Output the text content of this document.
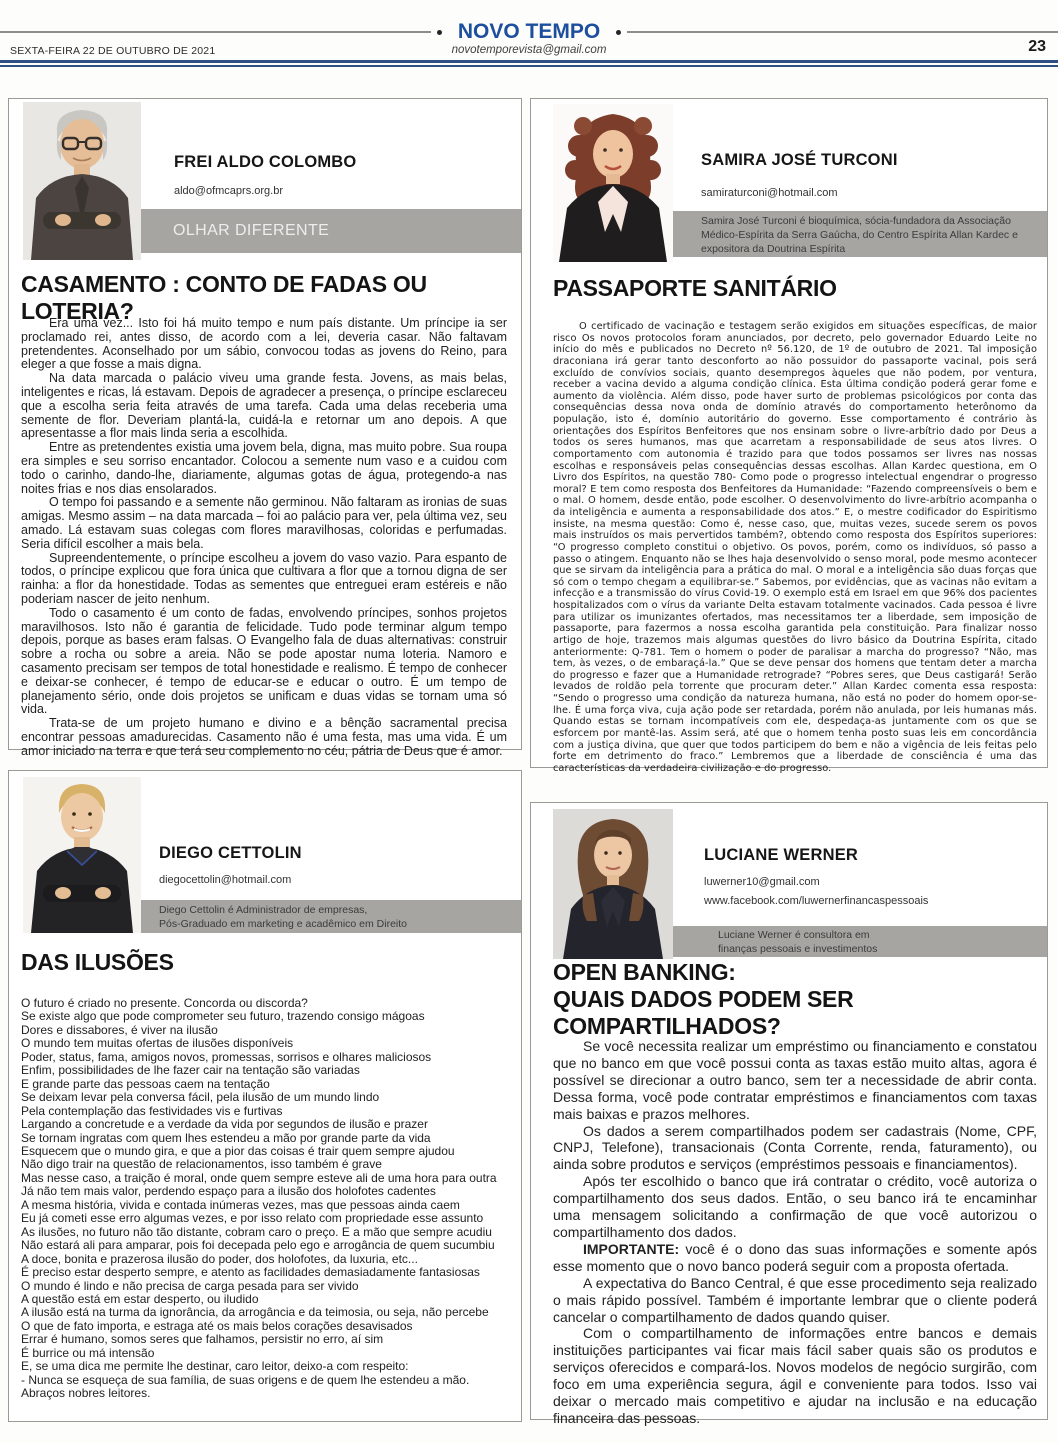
SEXTA-FEIRA 22 DE OUTUBRO DE 2021
NOVO TEMPO
novotemporevista@gmail.com	23
OLHAR DIFERENTE
FREI ALDO COLOMBO
aldo@ofmcaprs.org.br
CASAMENTO : CONTO DE FADAS OU LOTERIA?

Era uma vez... Isto foi há muito tempo e num país distante. Um príncipe ia ser proclamado rei, antes disso, de acordo com a lei, deveria casar. Não faltavam pretendentes. Aconselhado por um sábio, convocou todas as jovens do Reino, para eleger a que fosse a mais digna.

Na data marcada o palácio viveu uma grande festa. Jovens, as mais belas, inteligentes e ricas, lá estavam. Depois de agradecer a presença, o príncipe esclareceu que a escolha seria feita através de uma tarefa. Cada uma delas receberia uma semente de flor. Deveriam plantá-la, cuidá-la e retornar um ano depois. A que apresentasse a flor mais linda seria a escolhida.

Entre as pretendentes existia uma jovem bela, digna, mas muito pobre. Sua roupa era simples e seu sorriso encantador. Colocou a semente num vaso e a cuidou com todo o carinho, dando-lhe, diariamente, algumas gotas de água, protegendo-a nas noites frias e nos dias ensolarados.

O tempo foi passando e a semente não germinou. Não faltaram as ironias de suas amigas. Mesmo assim – na data marcada – foi ao palácio para ver, pela última vez, seu amado. Lá estavam suas colegas com flores maravilhosas, coloridas e perfumadas. Seria difícil escolher a mais bela.

Supreendentemente, o príncipe escolheu a jovem do vaso vazio. Para espanto de todos, o príncipe explicou que fora única que cultivara a flor que a tornou digna de ser rainha: a flor da honestidade. Todas as sementes que entreguei eram estéreis e não poderiam nascer de jeito nenhum.

Todo o casamento é um conto de fadas, envolvendo príncipes, sonhos projetos maravilhosos. Isto não é garantia de felicidade. Tudo pode terminar algum tempo depois, porque as bases eram falsas. O Evangelho fala de duas alternativas: construir sobre a rocha ou sobre a areia. Não se pode apostar numa loteria. Namoro e casamento precisam ser tempos de total honestidade e realismo. É tempo de conhecer e deixar-se conhecer, é tempo de educar-se e educar o outro. É um tempo de planejamento sério, onde dois projetos se unificam e duas vidas se tornam uma só vida.

Trata-se de um projeto humano e divino e a bênção sacramental precisa encontrar pessoas amadurecidas. Casamento não é uma festa, mas uma vida. É um amor iniciado na terra e que terá seu complemento no céu, pátria de Deus que é amor.

Samira José Turconi é bioquímica, sócia-fundadora da Associação
Médico-Espírita da Serra Gaúcha, do Centro Espírita Allan Kardec e
expositora da Doutrina Espírita
SAMIRA JOSÉ TURCONI
samiraturconi@hotmail.com
PASSAPORTE SANITÁRIO

O certificado de vacinação e testagem serão exigidos em situações específicas, de maior risco Os novos protocolos foram anunciados, por decreto, pelo governador Eduardo Leite no início do mês e publicados no Decreto nº 56.120, de 1º de outubro de 2021. Tal imposição draconiana irá gerar tanto desconforto ao não possuidor do passaporte vacinal, pois será excluído de convívios sociais, quanto desempregos àqueles que não podem, por ventura, receber a vacina devido a alguma condição clínica. Esta última condição poderá gerar fome e aumento da violência. Além disso, pode haver surto de problemas psicológicos por conta das consequências dessa nova onda de domínio através do comportamento heterônomo da população, isto é, domínio autoritário do governo. Esse comportamento é contrário às orientações dos Espíritos Benfeitores que nos ensinam sobre o livre-arbítrio dado por Deus a todos os seres humanos, mas que acarretam a responsabilidade de seus atos livres. O comportamento com autonomia é trazido para que todos possamos ser livres nas nossas escolhas e responsáveis pelas consequências dessas escolhas. Allan Kardec questiona, em O Livro dos Espíritos, na questão 780- Como pode o progresso intelectual engendrar o progresso moral? E tem como resposta dos Benfeitores da Humanidade: “Fazendo compreensíveis o bem e o mal. O homem, desde então, pode escolher. O desenvolvimento do livre-arbítrio acompanha o da inteligência e aumenta a responsabilidade dos atos.” E, o mestre codificador do Espiritismo insiste, na mesma questão: Como é, nesse caso, que, muitas vezes, sucede serem os povos mais instruídos os mais pervertidos também?, obtendo como resposta dos Espíritos superiores: “O progresso completo constitui o objetivo. Os povos, porém, como os indivíduos, só passo a passo o atingem. Enquanto não se lhes haja desenvolvido o senso moral, pode mesmo acontecer que se sirvam da inteligência para a prática do mal. O moral e a inteligência são duas forças que só com o tempo chegam a equilibrar-se.” Sabemos, por evidências, que as vacinas não evitam a infecção e a transmissão do vírus Covid-19. O exemplo está em Israel em que 96% dos pacientes hospitalizados com o vírus da variante Delta estavam totalmente vacinados. Cada pessoa é livre para utilizar os imunizantes ofertados, mas necessitamos ter a liberdade, sem imposição de passaporte, para fazermos a nossa escolha garantida pela constituição. Para finalizar nosso artigo de hoje, trazemos mais algumas questões do livro básico da Doutrina Espírita, citado anteriormente: Q-781. Tem o homem o poder de paralisar a marcha do progresso? “Não, mas tem, às vezes, o de embaraçá-la.” Que se deve pensar dos homens que tentam deter a marcha do progresso e fazer que a Humanidade retrograde? “Pobres seres, que Deus castigará! Serão levados de roldão pela torrente que procuram deter.” Allan Kardec comenta essa resposta: “Sendo o progresso uma condição da natureza humana, não está no poder do homem opor-se-lhe. É uma força viva, cuja ação pode ser retardada, porém não anulada, por leis humanas más. Quando estas se tornam incompatíveis com ele, despedaça-as juntamente com os que se esforcem por mantê-las. Assim será, até que o homem tenha posto suas leis em concordância com a justiça divina, que quer que todos participem do bem e não a vigência de leis feitas pelo forte em detrimento do fraco.” Lembremos que a liberdade de consciência é uma das características da verdadeira civilização e do progresso.

Diego Cettolin é Administrador de empresas,
Pós-Graduado em marketing e acadêmico em Direito
DIEGO CETTOLIN
diegocettolin@hotmail.com
DAS ILUSÕES
O futuro é criado no presente. Concorda ou discorda?
Se existe algo que pode comprometer seu futuro, trazendo consigo mágoas
Dores e dissabores, é viver na ilusão
O mundo tem muitas ofertas de ilusões disponíveis
Poder, status, fama, amigos novos, promessas, sorrisos e olhares maliciosos
Enfim, possibilidades de lhe fazer cair na tentação são variadas
E grande parte das pessoas caem na tentação
Se deixam levar pela conversa fácil, pela ilusão de um mundo lindo
Pela contemplação das festividades vis e furtivas
Largando a concretude e a verdade da vida por segundos de ilusão e prazer
Se tornam ingratas com quem lhes estendeu a mão por grande parte da vida
Esquecem que o mundo gira, e que a pior das coisas é trair quem sempre ajudou
Não digo trair na questão de relacionamentos, isso também é grave
Mas nesse caso, a traição é moral, onde quem sempre esteve ali de uma hora para outra
Já não tem mais valor, perdendo espaço para a ilusão dos holofotes cadentes
A mesma história, vivida e contada inúmeras vezes, mas que pessoas ainda caem
Eu já cometi esse erro algumas vezes, e por isso relato com propriedade esse assunto
As ilusões, no futuro não tão distante, cobram caro o preço. E a mão que sempre acudiu
Não estará ali para amparar, pois foi decepada pelo ego e arrogância de quem sucumbiu
A doce, bonita e prazerosa ilusão do poder, dos holofotes, da luxuria, etc...
É preciso estar desperto sempre, e atento as facilidades demasiadamente fantasiosas
O mundo é lindo e não precisa de carga pesada para ser vivido
A questão está em estar desperto, ou iludido
A ilusão está na turma da ignorância, da arrogância e da teimosia, ou seja, não percebe
O que de fato importa, e estraga até os mais belos corações desavisados
Errar é humano, somos seres que falhamos, persistir no erro, aí sim
É burrice ou má intensão
E, se uma dica me permite lhe destinar, caro leitor, deixo-a com respeito:
- Nunca se esqueça de sua família, de suas origens e de quem lhe estendeu a mão.
Abraços nobres leitores.
Luciane Werner é consultora em
finanças pessoais e investimentos
LUCIANE WERNER
luwerner10@gmail.com
www.facebook.com/luwernerfinancaspessoais
OPEN BANKING:
QUAIS DADOS PODEM SER COMPARTILHADOS?

Se você necessita realizar um empréstimo ou financiamento e constatou que no banco em que você possui conta as taxas estão muito altas, agora é possível se direcionar a outro banco, sem ter a necessidade de abrir conta. Dessa forma, você pode contratar empréstimos e financiamentos com taxas mais baixas e prazos melhores.

Os dados a serem compartilhados podem ser cadastrais (Nome, CPF, CNPJ, Telefone), transacionais (Conta Corrente, renda, faturamento), ou ainda sobre produtos e serviços (empréstimos pessoais e financiamentos).

Após ter escolhido o banco que irá contratar o crédito, você autoriza o compartilhamento dos seus dados. Então, o seu banco irá te encaminhar uma mensagem solicitando a confirmação de que você autorizou o compartilhamento dos dados.

IMPORTANTE: você é o dono das suas informações e somente após esse momento que o novo banco poderá seguir com a proposta ofertada.

A expectativa do Banco Central, é que esse procedimento seja realizado o mais rápido possível. Também é importante lembrar que o cliente poderá cancelar o compartilhamento de dados quando quiser.

Com o compartilhamento de informações entre bancos e demais instituições participantes vai ficar mais fácil saber quais são os produtos e serviços oferecidos e compará-los. Novos modelos de negócio surgirão, com foco em uma experiência segura, ágil e conveniente para todos. Isso vai deixar o mercado mais competitivo e ajudar na inclusão e na educação financeira das pessoas.
